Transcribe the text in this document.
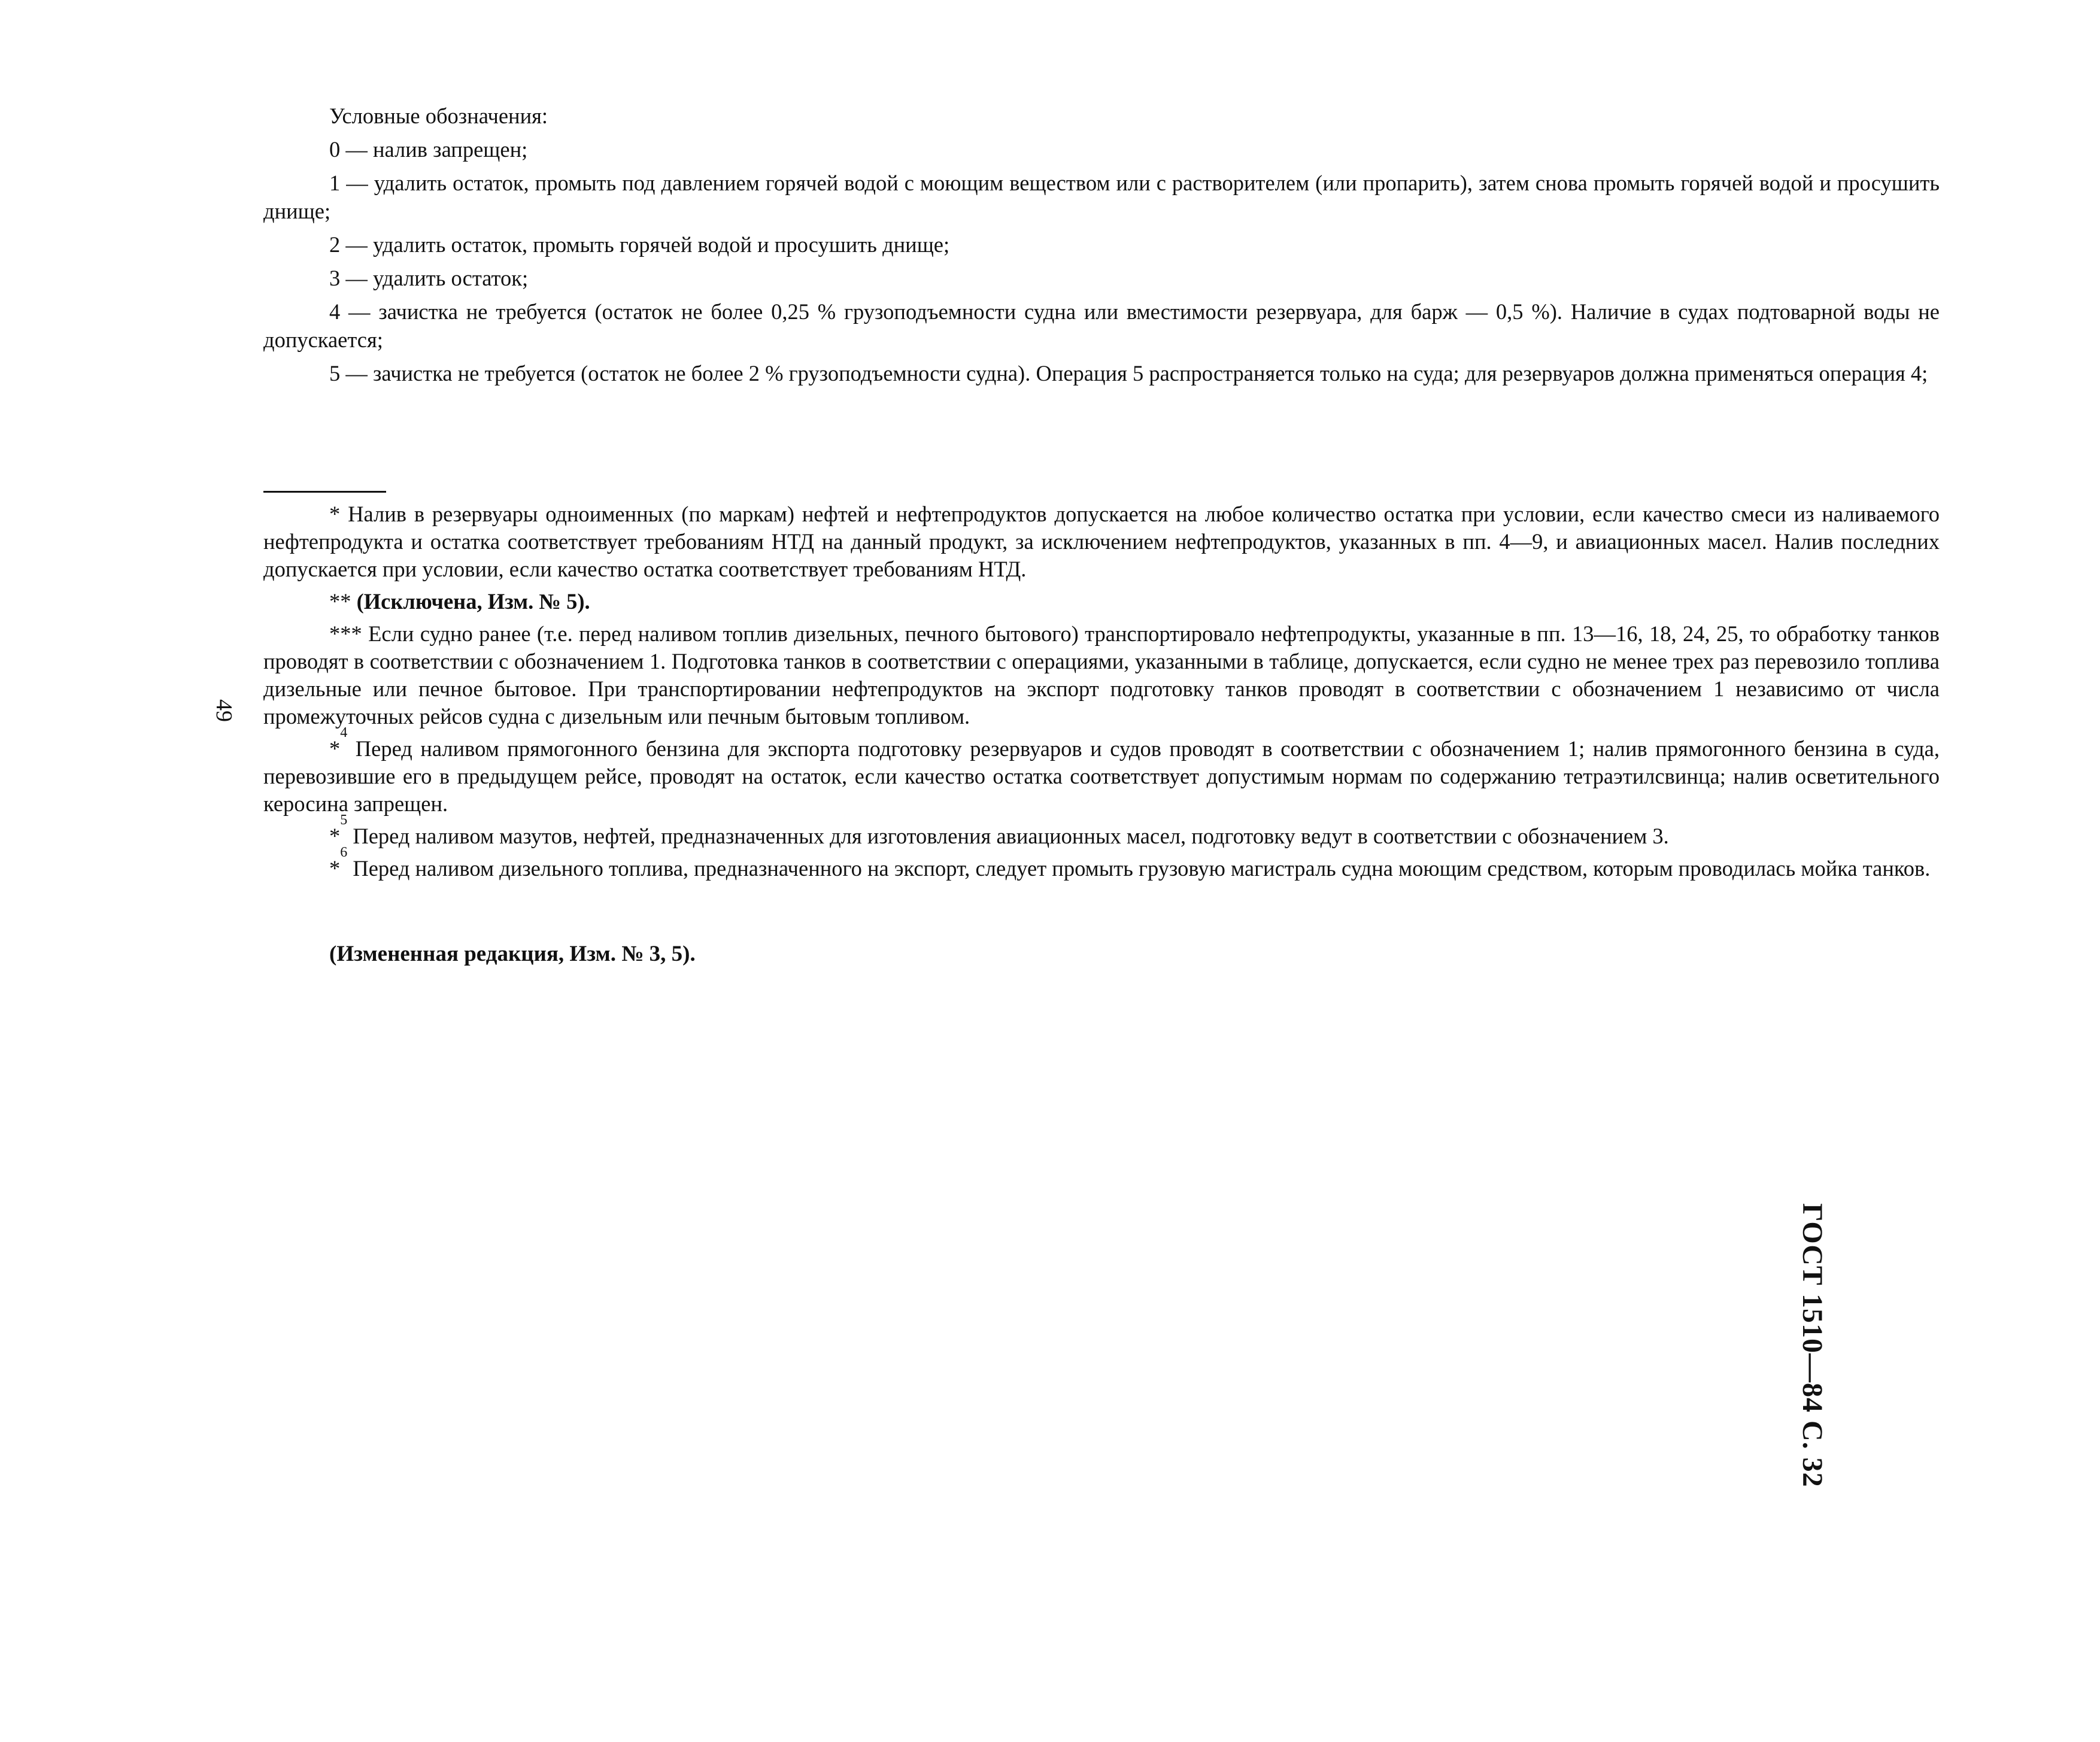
Условные обозначения:

0 — налив запрещен;

1 — удалить остаток, промыть под давлением горячей водой с моющим веществом или с растворителем (или пропарить), затем снова промыть горячей водой и просушить днище;

2 — удалить остаток, промыть горячей водой и просушить днище;

3 — удалить остаток;

4 — зачистка не требуется (остаток не более 0,25 % грузоподъемности судна или вместимости резервуара, для барж — 0,5 %). Наличие в судах подтоварной воды не допускается;

5 — зачистка не требуется (остаток не более 2 % грузоподъемности судна). Операция 5 распространяется только на суда; для резервуаров должна применяться операция 4;

* Налив в резервуары одноименных (по маркам) нефтей и нефтепродуктов допускается на любое количество остатка при условии, если качество смеси из наливаемого нефтепродукта и остатка соответствует требованиям НТД на данный продукт, за исключением нефтепродуктов, указанных в пп. 4—9, и авиационных масел. Налив последних допускается при условии, если качество остатка соответствует требованиям НТД.

** (Исключена, Изм. № 5).

*** Если судно ранее (т.е. перед наливом топлив дизельных, печного бытового) транспортировало нефтепродукты, указанные в пп. 13—16, 18, 24, 25, то обработку танков проводят в соответствии с обозначением 1. Подготовка танков в соответствии с операциями, указанными в таблице, допускается, если судно не менее трех раз перевозило топлива дизельные или печное бытовое. При транспортировании нефтепродуктов на экспорт подготовку танков проводят в соответствии с обозначением 1 независимо от числа промежуточных рейсов судна с дизельным или печным бытовым топливом.

*$^4$ Перед наливом прямогонного бензина для экспорта подготовку резервуаров и судов проводят в соответствии с обозначением 1; налив прямогонного бензина в суда, перевозившие его в предыдущем рейсе, проводят на остаток, если качество остатка соответствует допустимым нормам по содержанию тетраэтилсвинца; налив осветительного керосина запрещен.

*$^5$ Перед наливом мазутов, нефтей, предназначенных для изготовления авиационных масел, подготовку ведут в соответствии с обозначением 3.

*$^6$ Перед наливом дизельного топлива, предназначенного на экспорт, следует промыть грузовую магистраль судна моющим средством, которым проводилась мойка танков.

(Измененная редакция, Изм. № 3, 5).
49
ГОСТ 1510—84 С. 32
